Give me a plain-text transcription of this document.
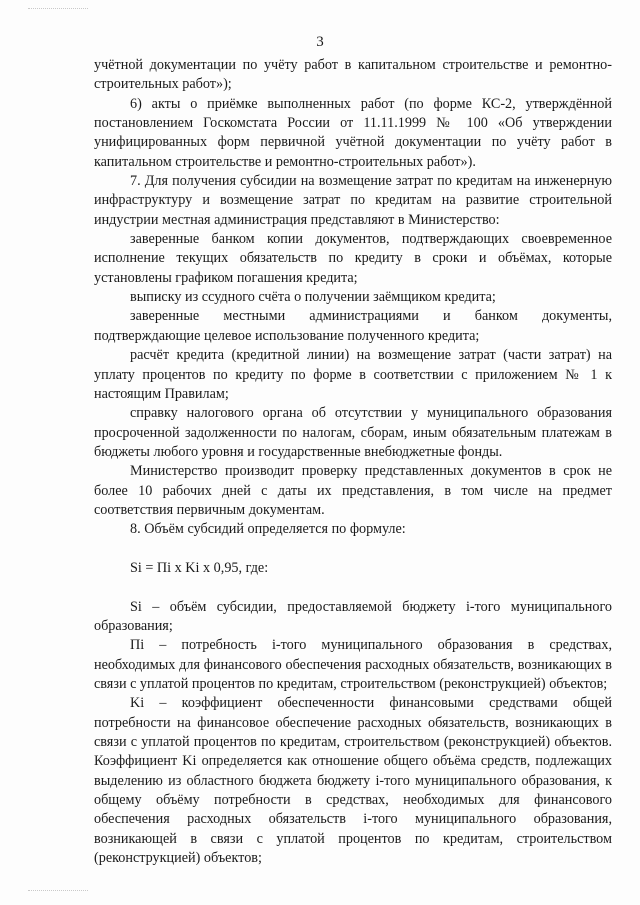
3

учётной документации по учёту работ в капитальном строительстве и ремонтно-строительных работ»);

6) акты о приёмке выполненных работ (по форме КС-2, утверждённой постановлением Госкомстата России от 11.11.1999 № 100 «Об утверждении унифицированных форм первичной учётной документации по учёту работ в капитальном строительстве и ремонтно-строительных работ»).

7. Для получения субсидии на возмещение затрат по кредитам на инженерную инфраструктуру и возмещение затрат по кредитам на развитие строительной индустрии местная администрация представляют в Министерство:

заверенные банком копии документов, подтверждающих своевременное исполнение текущих обязательств по кредиту в сроки и объёмах, которые установлены графиком погашения кредита;

выписку из ссудного счёта о получении заёмщиком кредита;

заверенные местными администрациями и банком документы, подтверждающие целевое использование полученного кредита;

расчёт кредита (кредитной линии) на возмещение затрат (части затрат) на уплату процентов по кредиту по форме в соответствии с приложением № 1 к настоящим Правилам;

справку налогового органа об отсутствии у муниципального образования просроченной задолженности по налогам, сборам, иным обязательным платежам в бюджеты любого уровня и государственные внебюджетные фонды.

Министерство производит проверку представленных документов в срок не более 10 рабочих дней с даты их представления, в том числе на предмет соответствия первичным документам.

8. Объём субсидий определяется по формуле:

Si = Пi x Ki x 0,95, где:

Si – объём субсидии, предоставляемой бюджету i-того муниципального образования;

Пi – потребность i-того муниципального образования в средствах, необходимых для финансового обеспечения расходных обязательств, возникающих в связи с уплатой процентов по кредитам, строительством (реконструкцией) объектов;

Ki – коэффициент обеспеченности финансовыми средствами общей потребности на финансовое обеспечение расходных обязательств, возникающих в связи с уплатой процентов по кредитам, строительством (реконструкцией) объектов. Коэффициент Ki определяется как отношение общего объёма средств, подлежащих выделению из областного бюджета бюджету i-того муниципального образования, к общему объёму потребности в средствах, необходимых для финансового обеспечения расходных обязательств i-того муниципального образования, возникающей в связи с уплатой процентов по кредитам, строительством (реконструкцией) объектов;
